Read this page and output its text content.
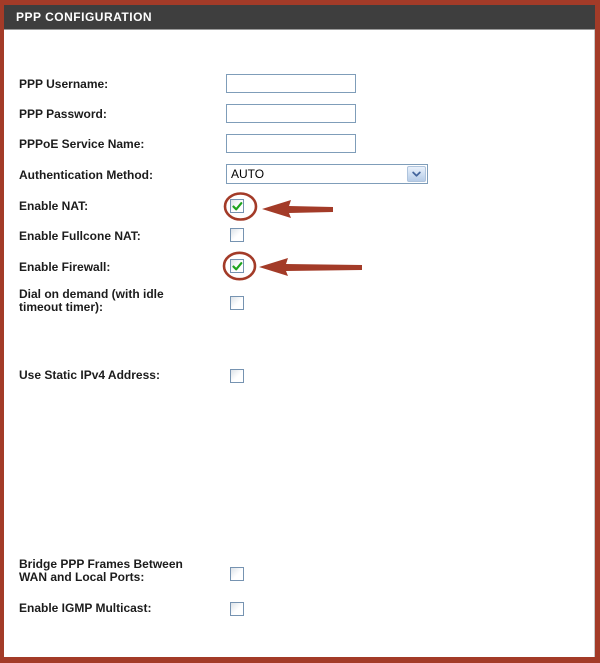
PPP CONFIGURATION
PPP Username:
PPP Password:
PPPoE Service Name:
Authentication Method:	AUTO
Enable NAT:
Enable Fullcone NAT:
Enable Firewall:
Dial on demand (with idle timeout timer):
Use Static IPv4 Address:
Bridge PPP Frames Between WAN and Local Ports:
Enable IGMP Multicast:
